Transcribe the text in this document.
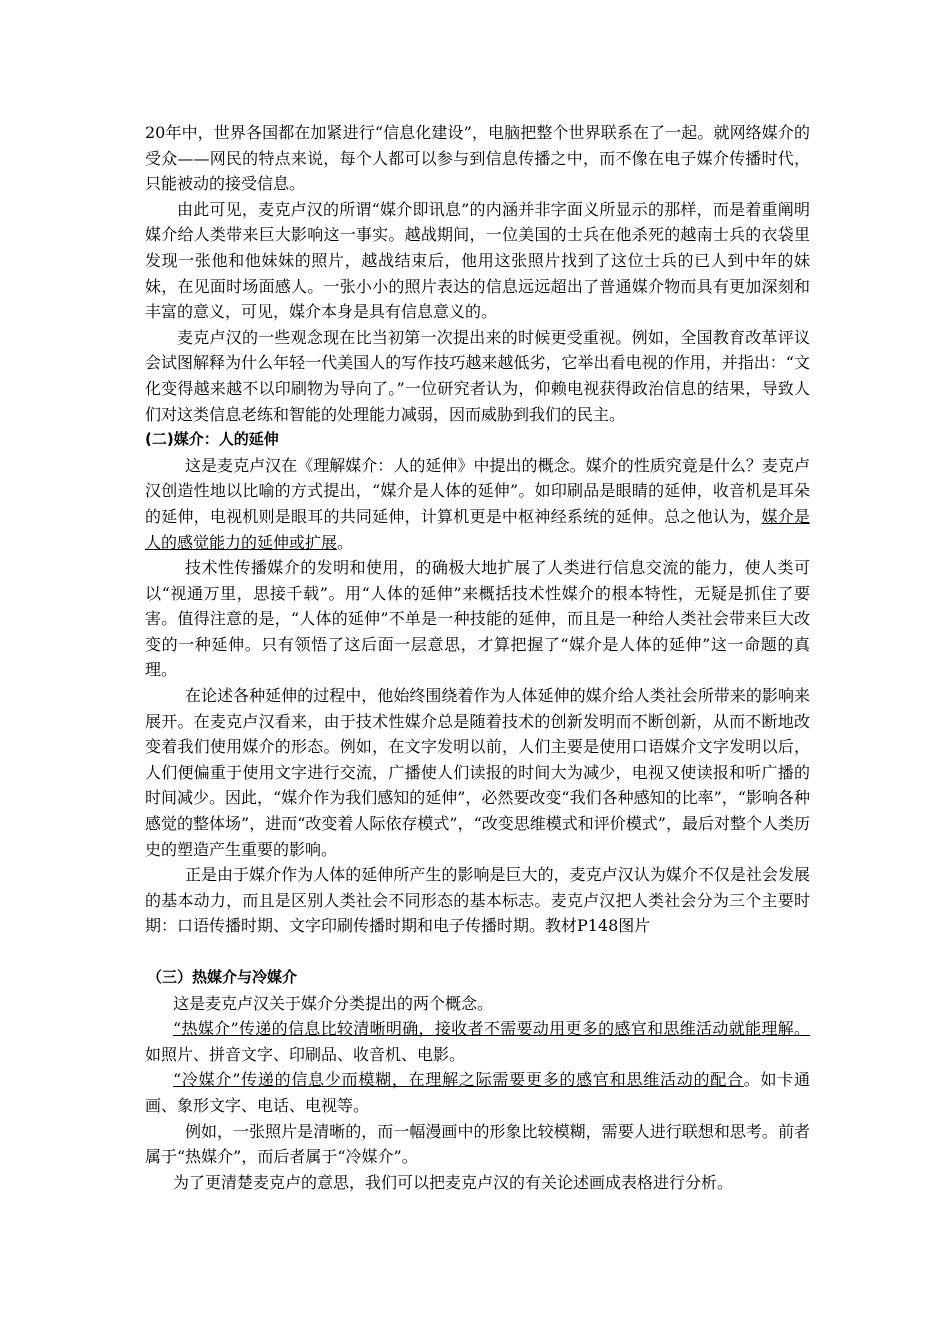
20年中，世界各国都在加紧进行“信息化建设”，电脑把整个世界联系在了一起。就网络媒介的受众——网民的特点来说，每个人都可以参与到信息传播之中，而不像在电子媒介传播时代，只能被动的接受信息。

由此可见，麦克卢汉的所谓“媒介即讯息”的内涵并非字面义所显示的那样，而是着重阐明媒介给人类带来巨大影响这一事实。越战期间，一位美国的士兵在他杀死的越南士兵的衣袋里发现一张他和他妹妹的照片，越战结束后，他用这张照片找到了这位士兵的已人到中年的妹妹，在见面时场面感人。一张小小的照片表达的信息远远超出了普通媒介物而具有更加深刻和丰富的意义，可见，媒介本身是具有信息意义的。

麦克卢汉的一些观念现在比当初第一次提出来的时候更受重视。例如，全国教育改革评议会试图解释为什么年轻一代美国人的写作技巧越来越低劣，它举出看电视的作用，并指出：“文化变得越来越不以印刷物为导向了。”一位研究者认为，仰赖电视获得政治信息的结果，导致人们对这类信息老练和智能的处理能力减弱，因而威胁到我们的民主。

(二)媒介：人的延伸

这是麦克卢汉在《理解媒介：人的延伸》中提出的概念。媒介的性质究竟是什么？麦克卢汉创造性地以比喻的方式提出，“媒介是人体的延伸”。如印刷品是眼睛的延伸，收音机是耳朵的延伸，电视机则是眼耳的共同延伸，计算机更是中枢神经系统的延伸。总之他认为，媒介是人的感觉能力的延伸或扩展。

技术性传播媒介的发明和使用，的确极大地扩展了人类进行信息交流的能力，使人类可以“视通万里，思接千载”。用“人体的延伸”来概括技术性媒介的根本特性，无疑是抓住了要害。值得注意的是，“人体的延伸”不单是一种技能的延伸，而且是一种给人类社会带来巨大改变的一种延伸。只有领悟了这后面一层意思，才算把握了“媒介是人体的延伸”这一命题的真理。

在论述各种延伸的过程中，他始终围绕着作为人体延伸的媒介给人类社会所带来的影响来展开。在麦克卢汉看来，由于技术性媒介总是随着技术的创新发明而不断创新，从而不断地改变着我们使用媒介的形态。例如，在文字发明以前，人们主要是使用口语媒介文字发明以后，人们便偏重于使用文字进行交流，广播使人们读报的时间大为减少，电视又使读报和听广播的时间减少。因此，“媒介作为我们感知的延伸”，必然要改变“我们各种感知的比率”，“影响各种感觉的整体场”，进而“改变着人际依存模式”，“改变思维模式和评价模式”，最后对整个人类历史的塑造产生重要的影响。

正是由于媒介作为人体的延伸所产生的影响是巨大的，麦克卢汉认为媒介不仅是社会发展的基本动力，而且是区别人类社会不同形态的基本标志。麦克卢汉把人类社会分为三个主要时期：口语传播时期、文字印刷传播时期和电子传播时期。教材P148图片

（三）热媒介与冷媒介

这是麦克卢汉关于媒介分类提出的两个概念。

“热媒介”传递的信息比较清晰明确，接收者不需要动用更多的感官和思维活动就能理解。如照片、拼音文字、印刷品、收音机、电影。

“冷媒介”传递的信息少而模糊，在理解之际需要更多的感官和思维活动的配合。如卡通画、象形文字、电话、电视等。

例如，一张照片是清晰的，而一幅漫画中的形象比较模糊，需要人进行联想和思考。前者属于“热媒介”，而后者属于“冷媒介”。

为了更清楚麦克卢的意思，我们可以把麦克卢汉的有关论述画成表格进行分析。
